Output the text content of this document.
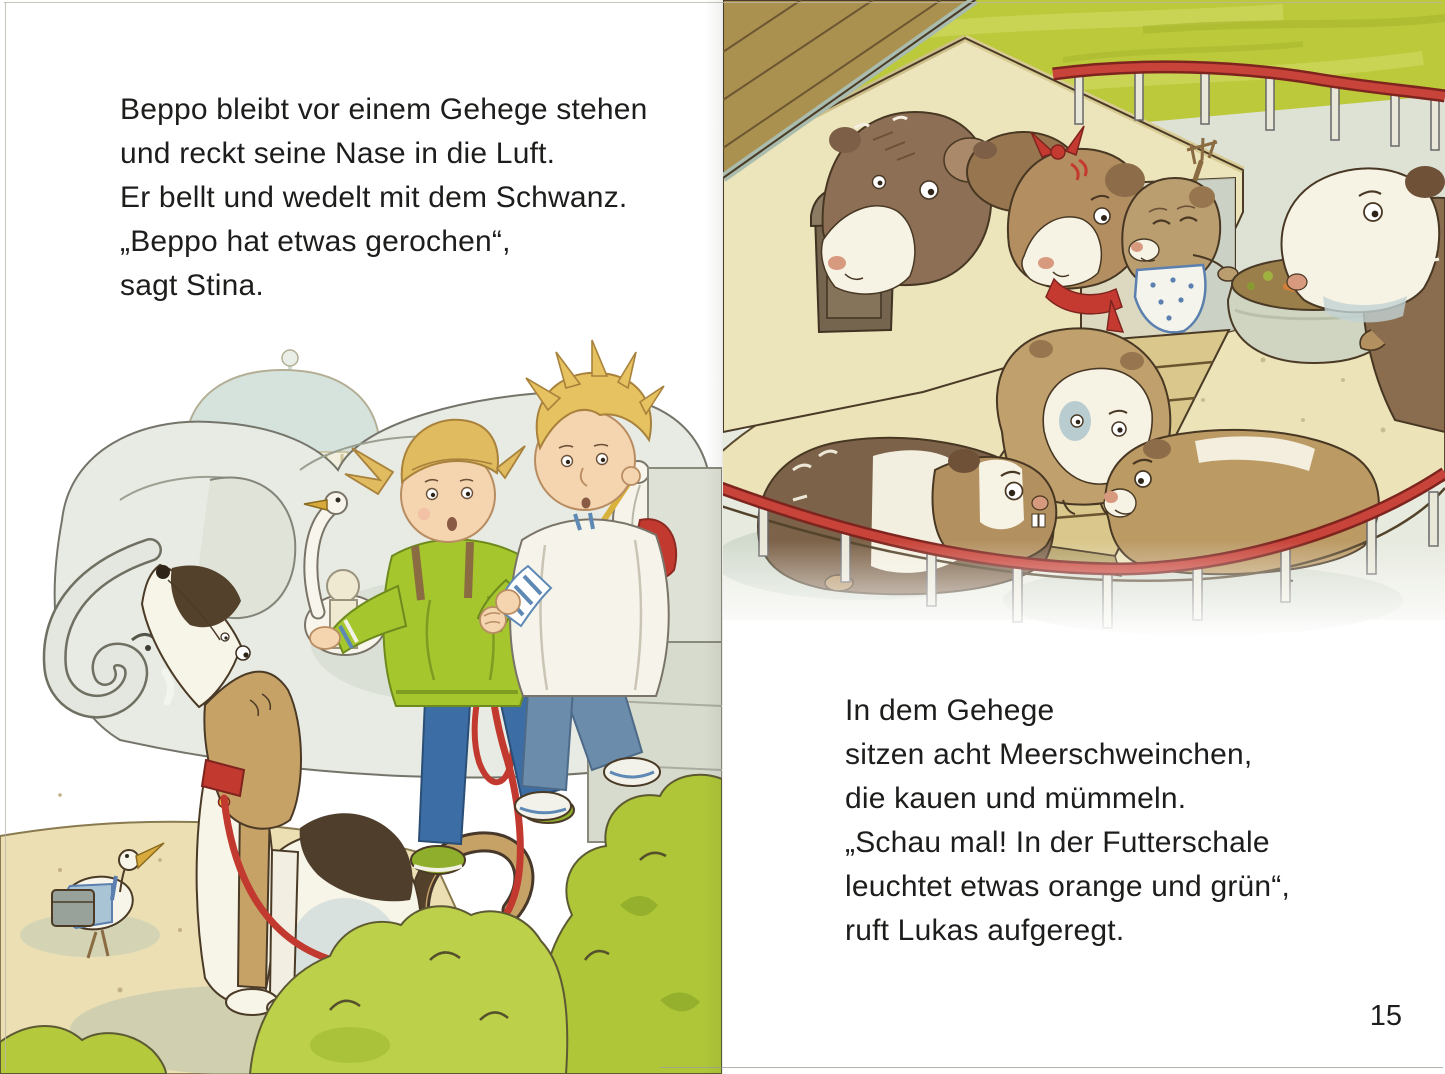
Beppo bleibt vor einem Gehege stehen
und reckt seine Nase in die Luft.
Er bellt und wedelt mit dem Schwanz.
„Beppo hat etwas gerochen“,
sagt Stina.
In dem Gehege
sitzen acht Meerschweinchen,
die kauen und mümmeln.
„Schau mal! In der Futterschale
leuchtet etwas orange und grün“,
ruft Lukas aufgeregt.
15
